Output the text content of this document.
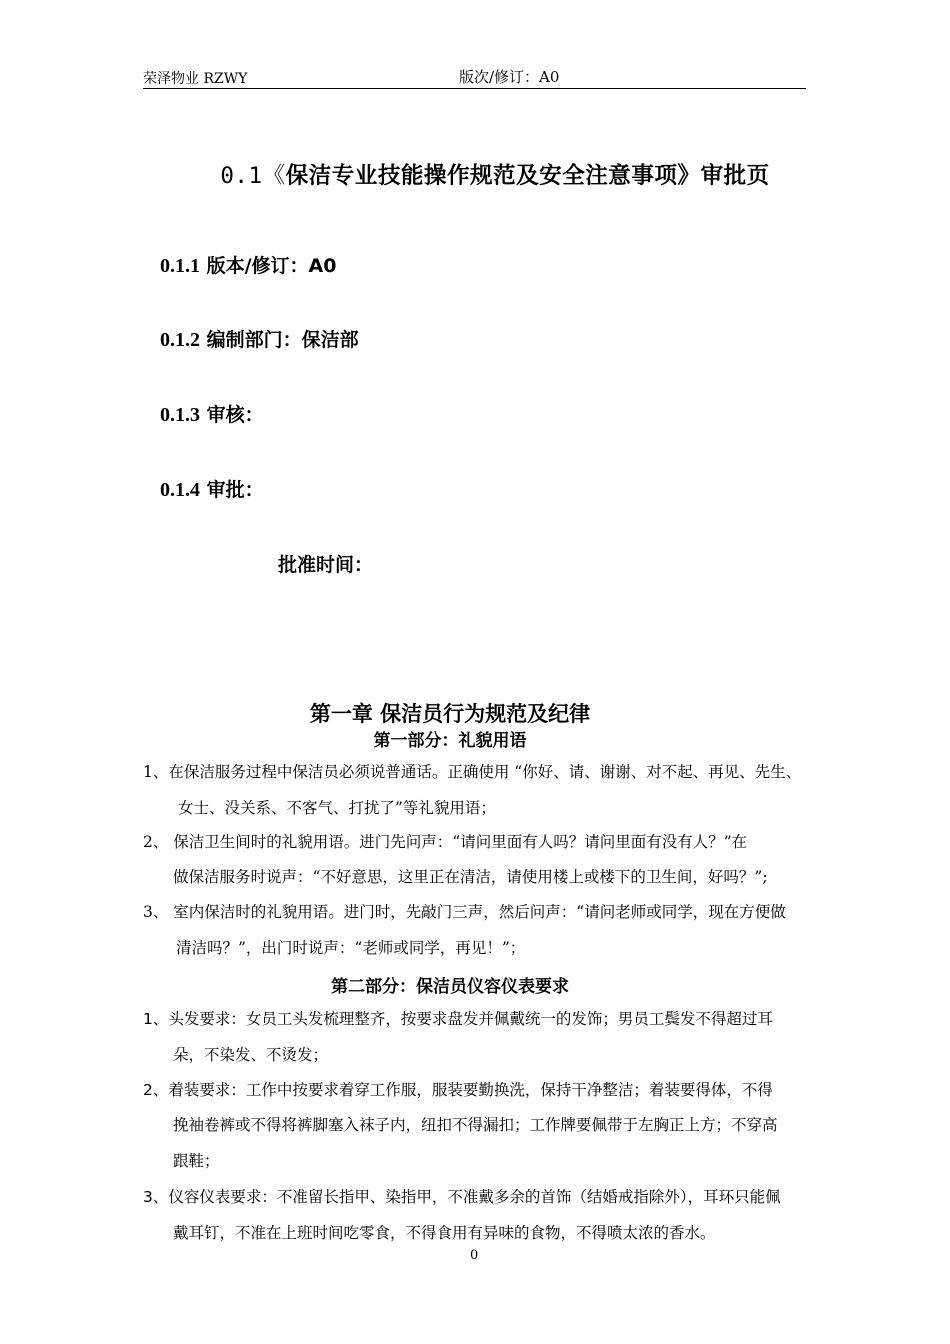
荣泽物业 RZWY	版次/修订：A0
0.1《保洁专业技能操作规范及安全注意事项》审批页
0.1.1 版本/修订：A0
0.1.2 编制部门：保洁部
0.1.3 审核：
0.1.4 审批：
批准时间：
第一章 保洁员行为规范及纪律
第一部分：礼貌用语
1、在保洁服务过程中保洁员必须说普通话。正确使用 “你好、请、谢谢、对不起、再见、先生、
女士、没关系、不客气、打扰了”等礼貌用语；
2、 保洁卫生间时的礼貌用语。进门先问声：“请问里面有人吗？请问里面有没有人？”在
做保洁服务时说声：“不好意思，这里正在清洁，请使用楼上或楼下的卫生间，好吗？”;
3、 室内保洁时的礼貌用语。进门时，先敲门三声，然后问声：“请问老师或同学，现在方便做
清洁吗？”，出门时说声：“老师或同学，再见！”；
第二部分：保洁员仪容仪表要求
1、头发要求：女员工头发梳理整齐，按要求盘发并佩戴统一的发饰；男员工鬓发不得超过耳
朵，不染发、不烫发；
2、着装要求：工作中按要求着穿工作服，服装要勤换洗，保持干净整洁；着装要得体，不得
挽袖卷裤或不得将裤脚塞入袜子内，纽扣不得漏扣；工作牌要佩带于左胸正上方；不穿高
跟鞋；
3、仪容仪表要求：不准留长指甲、染指甲，不准戴多余的首饰（结婚戒指除外），耳环只能佩
戴耳钉，不准在上班时间吃零食，不得食用有异味的食物，不得喷太浓的香水。
0
